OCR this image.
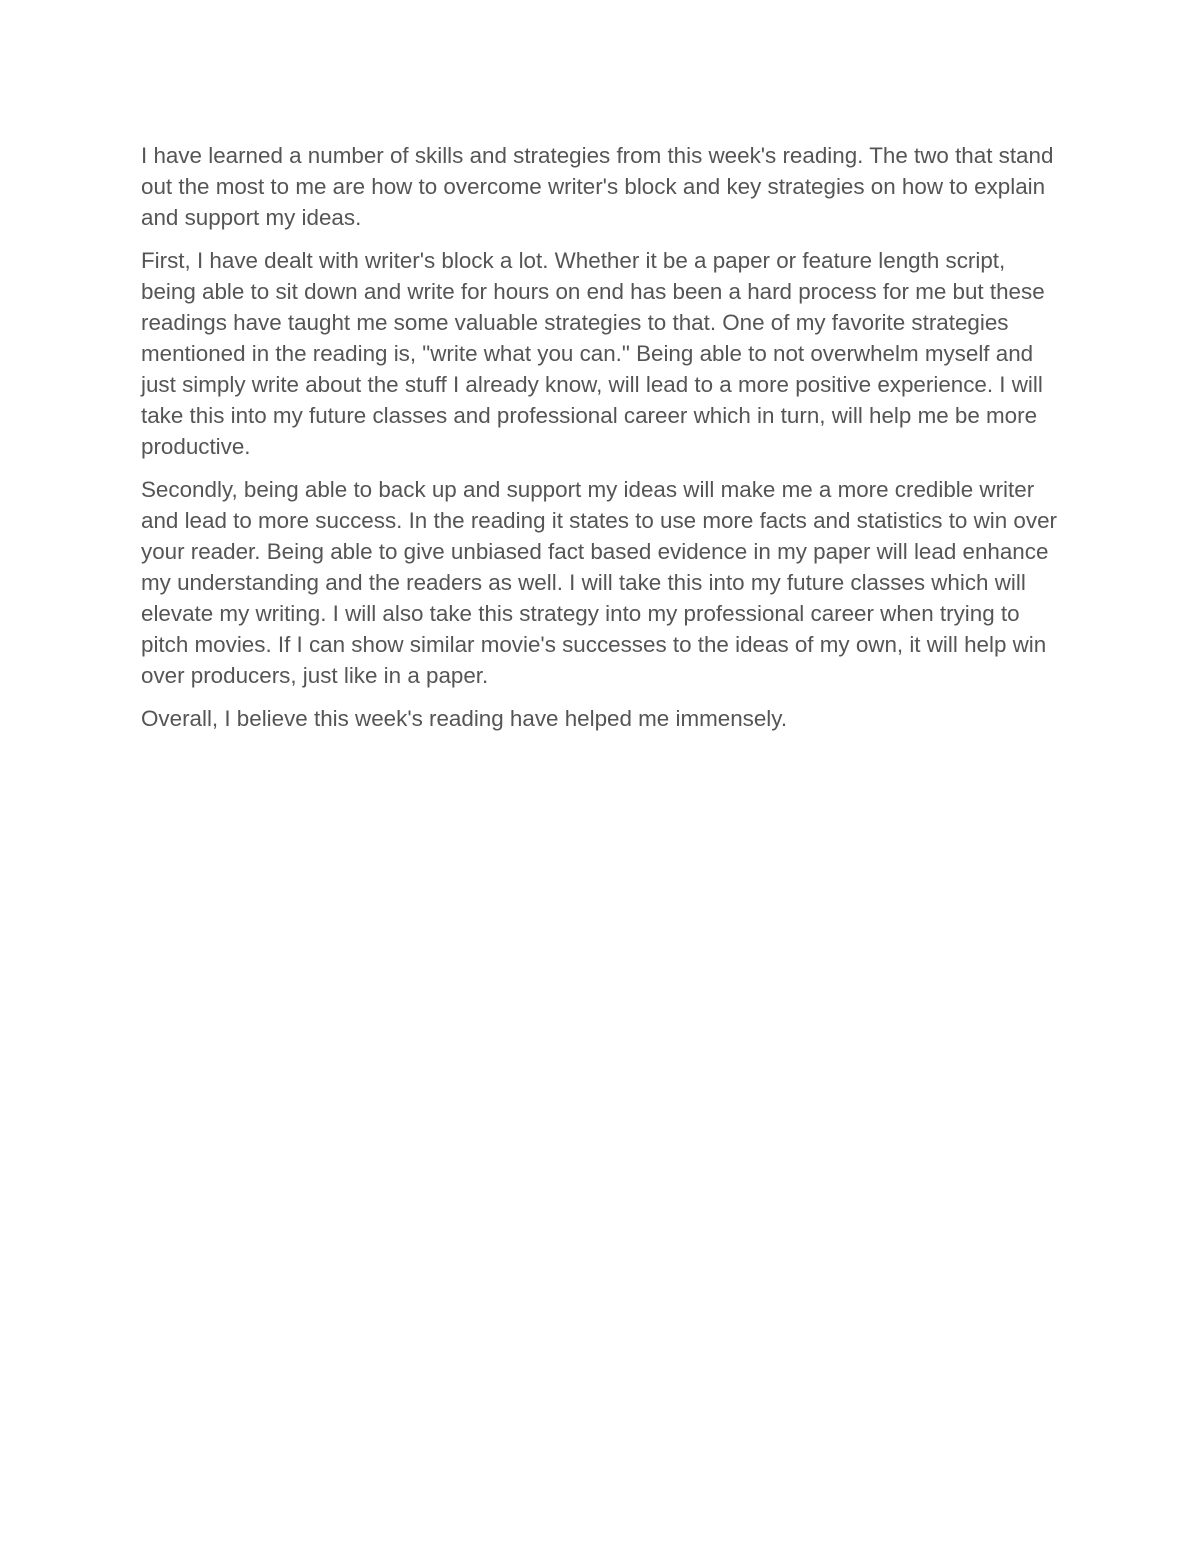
I have learned a number of skills and strategies from this week's reading. The two that stand out the most to me are how to overcome writer's block and key strategies on how to explain and support my ideas.

First, I have dealt with writer's block a lot. Whether it be a paper or feature length script, being able to sit down and write for hours on end has been a hard process for me but these readings have taught me some valuable strategies to that. One of my favorite strategies mentioned in the reading is, "write what you can." Being able to not overwhelm myself and just simply write about the stuff I already know, will lead to a more positive experience. I will take this into my future classes and professional career which in turn, will help me be more productive.

Secondly, being able to back up and support my ideas will make me a more credible writer and lead to more success. In the reading it states to use more facts and statistics to win over your reader. Being able to give unbiased fact based evidence in my paper will lead enhance my understanding and the readers as well. I will take this into my future classes which will elevate my writing. I will also take this strategy into my professional career when trying to pitch movies. If I can show similar movie's successes to the ideas of my own, it will help win over producers, just like in a paper.

Overall, I believe this week's reading have helped me immensely.
